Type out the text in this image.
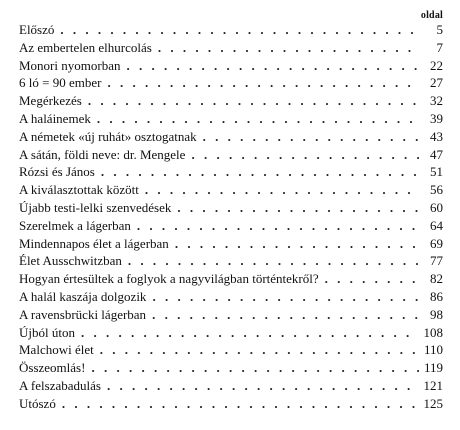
oldal
Előszó . . .	5
Az embertelen elhurcolás . . .	7
Monori nyomorban . . .	22
6 ló = 90 ember . . .	27
Megérkezés . . .	32
A haláinemek . . .	39
A németek «új ruhát» osztogatnak . . .	43
A sátán, földi neve: dr. Mengele . . .	47
Rózsi és János . . .	51
A kiválasztottak között . . .	56
Újabb testi-lelki szenvedések . . .	60
Szerelmek a lágerban . . .	64
Mindennapos élet a lágerban . . .	69
Élet Ausschwitzban . . .	77
Hogyan értesültek a foglyok a nagyvilágban történtekről? . . .	82
A halál kaszája dolgozik . . .	86
A ravensbrücki lágerban . . .	98
Újból úton . . .	108
Malchowi élet . . .	110
Összeomlás! . . .	119
A felszabadulás . . .	121
Utószó . . .	125
